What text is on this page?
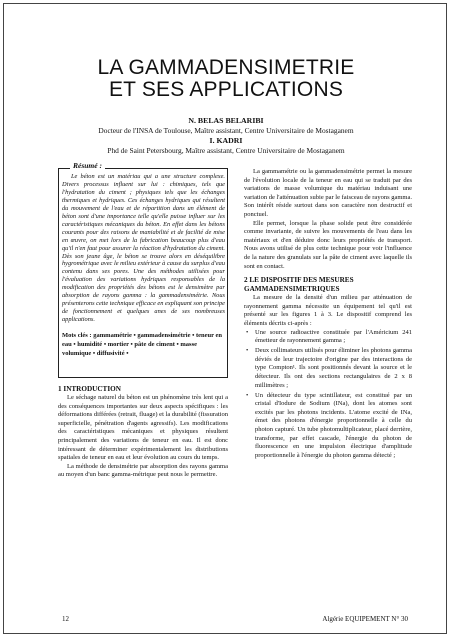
LA GAMMADENSIMETRIE
ET SES APPLICATIONS
N. BELAS BELARIBI
Docteur de l'INSA de Toulouse, Maître assistant, Centre Universitaire de Mostaganem
I. KADRI
Phd de Saint Petersbourg, Maître assistant, Centre Universitaire de Mostaganem
Résumé :

Le béton est un matériau qui a une structure complexe. Divers processus influent sur lui : chimiques, tels que l'hydratation du ciment ; physiques tels que les échanges thermiques et hydriques. Ces échanges hydriques qui résultent du mouvement de l'eau et de répartition dans un élément de béton sont d'une importance telle qu'elle puisse influer sur les caractéristiques mécaniques du béton. En effet dans les bétons courants pour des raisons de maniabilité et de facilité de mise en œuvre, on met lors de la fabrication beaucoup plus d'eau qu'il n'en faut pour assurer la réaction d'hydratation du ciment. Dès son jeune âge, le béton se trouve alors en déséquilibre hygrométrique avec le milieu extérieur à cause du surplus d'eau contenu dans ses pores. Une des méthodes utilisées pour l'évaluation des variations hydriques responsables de la modification des propriétés des bétons est le densimètre par absorption de rayons gamma : la gammadensimétrie. Nous présenterons cette technique efficace en expliquant son principe de fonctionnement et quelques anes de ses nombreuses applications.

Mots clés : gammamétrie • gammadensimétrie • teneur en eau • humidité • mortier • pâte de ciment • masse volumique • diffusivité •
1 INTRODUCTION

Le séchage naturel du béton est un phénomène très lent qui a des conséquences importantes sur deux aspects spécifiques : les déformations différées (retrait, fluage) et la durabilité (fissuration superficielle, pénétration d'agents agressifs). Les modifications des caractéristiques mécaniques et physiques résultent principalement des variations de teneur en eau. Il est donc intéressant de déterminer expérimentalement les distributions spatiales de teneur en eau et leur évolution au cours du temps.

La méthode de densimétrie par absorption des rayons gamma au moyen d'un banc gamma-métrique peut nous le permettre.

La gammamétrie ou la gammadensimétrie permet la mesure de l'évolution locale de la teneur en eau qui se traduit par des variations de masse volumique du matériau induisant une variation de l'atténuation subie par le faisceau de rayons gamma. Son intérêt réside surtout dans son caractère non destructif et ponctuel.

Elle permet, lorsque la phase solide peut être considérée comme invariante, de suivre les mouvements de l'eau dans les matériaux et d'en déduire donc leurs propriétés de transport. Nous avons utilisé de plus cette technique pour voir l'influence de la nature des granulats sur la pâte de ciment avec laquelle ils sont en contact.

2 LE DISPOSITIF DES MESURES GAMMADENSIMETRIQUES

La mesure de la densité d'un milieu par atténuation de rayonnement gamma nécessite un équipement tel qu'il est présenté sur les figures 1 à 3. Le dispositif comprend les éléments décrits ci-après :

• Une source radioactive constituée par l'Américium 241 émetteur de rayonnement gamma ;
• Deux collimateurs utilisés pour éliminer les photons gamma déviés de leur trajectoire d'origine par des interactions de type Compton¹. Ils sont positionnés devant la source et le détecteur. Ils ont des sections rectangulaires de 2 x 8 millimètres ;
• Un détecteur du type scintillateur, est constitué par un cristal d'Iodure de Sodium (INa), dont les atomes sont excités par les photons incidents. L'atome excité de INa, émet des photons d'énergie proportionnelle à celle du photon capturé. Un tube photomultiplicateur, placé derrière, transforme, par effet cascade, l'énergie du photon de fluorescence en une impulsion électrique d'amplitude proportionnelle à l'énergie du photon gamma détecté ;
12	Algérie EQUIPEMENT N° 30
